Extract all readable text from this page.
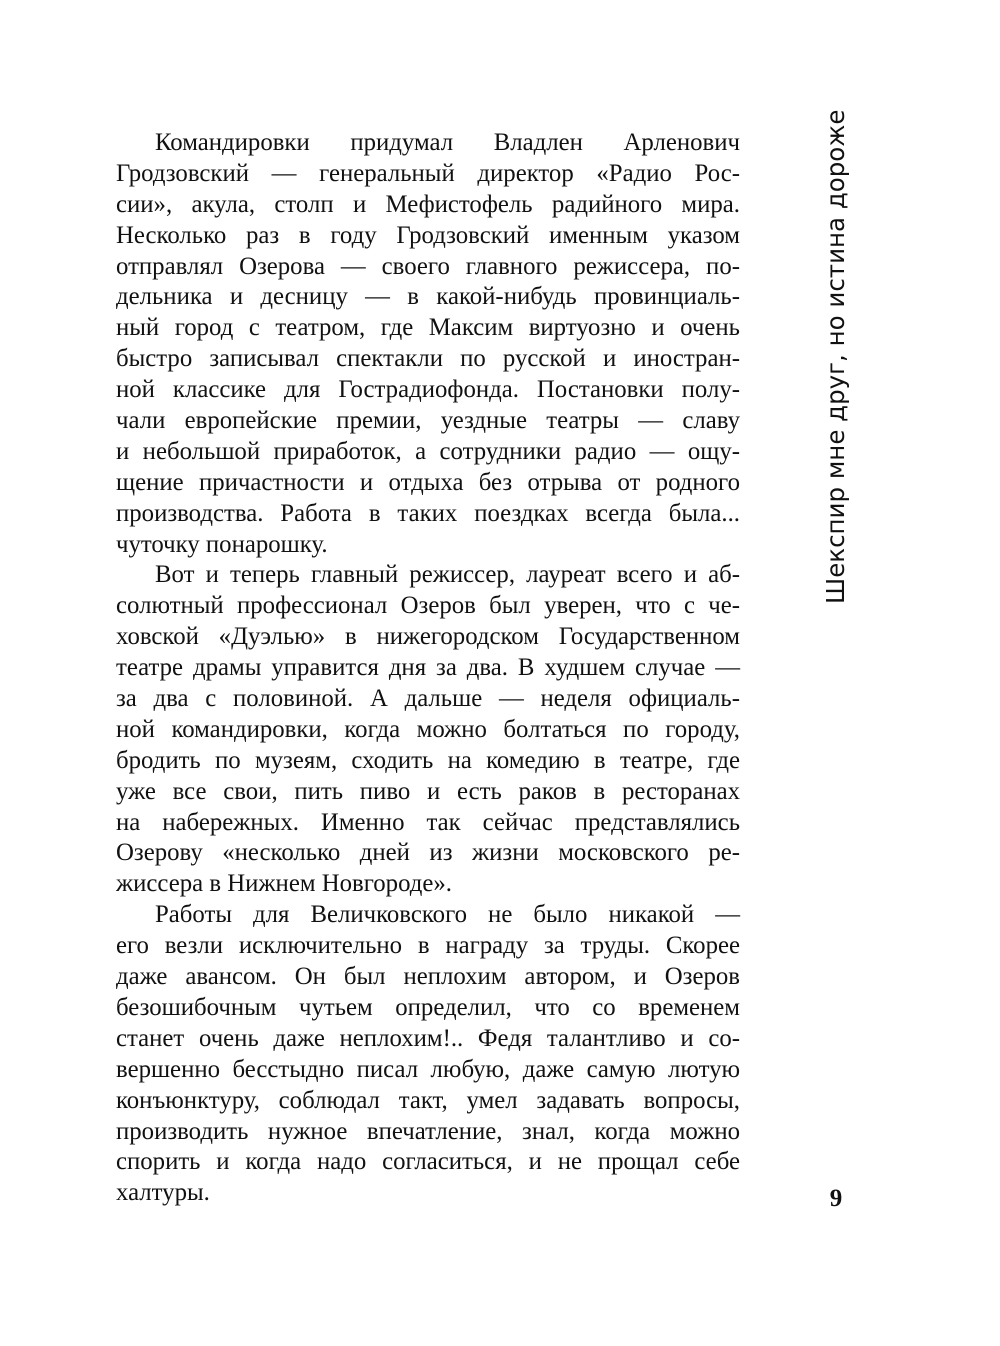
Командировки придумал Владлен Арленович
Гродзовский — генеральный директор «Радио Рос-
сии», акула, столп и Мефистофель радийного мира.
Несколько раз в году Гродзовский именным указом
отправлял Озерова — своего главного режиссера, по-
дельника и десницу — в какой-нибудь провинциаль-
ный город с театром, где Максим виртуозно и очень
быстро записывал спектакли по русской и иностран-
ной классике для Гострадиофонда. Постановки полу-
чали европейские премии, уездные театры — славу
и небольшой приработок, а сотрудники радио — ощу-
щение причастности и отдыха без отрыва от родного
производства. Работа в таких поездках всегда была...
чуточку понарошку.
Вот и теперь главный режиссер, лауреат всего и аб-
солютный профессионал Озеров был уверен, что с че-
ховской «Дуэлью» в нижегородском Государственном
театре драмы управится дня за два. В худшем случае —
за два с половиной. А дальше — неделя официаль-
ной командировки, когда можно болтаться по городу,
бродить по музеям, сходить на комедию в театре, где
уже все свои, пить пиво и есть раков в ресторанах
на набережных. Именно так сейчас представлялись
Озерову «несколько дней из жизни московского ре-
жиссера в Нижнем Новгороде».
Работы для Величковского не было никакой —
его везли исключительно в награду за труды. Скорее
даже авансом. Он был неплохим автором, и Озеров
безошибочным чутьем определил, что со временем
станет очень даже неплохим!.. Федя талантливо и со-
вершенно бесстыдно писал любую, даже самую лютую
конъюнктуру, соблюдал такт, умел задавать вопросы,
производить нужное впечатление, знал, когда можно
спорить и когда надо согласиться, и не прощал себе
халтуры.
Шекспир мне друг, но истина дороже
9
